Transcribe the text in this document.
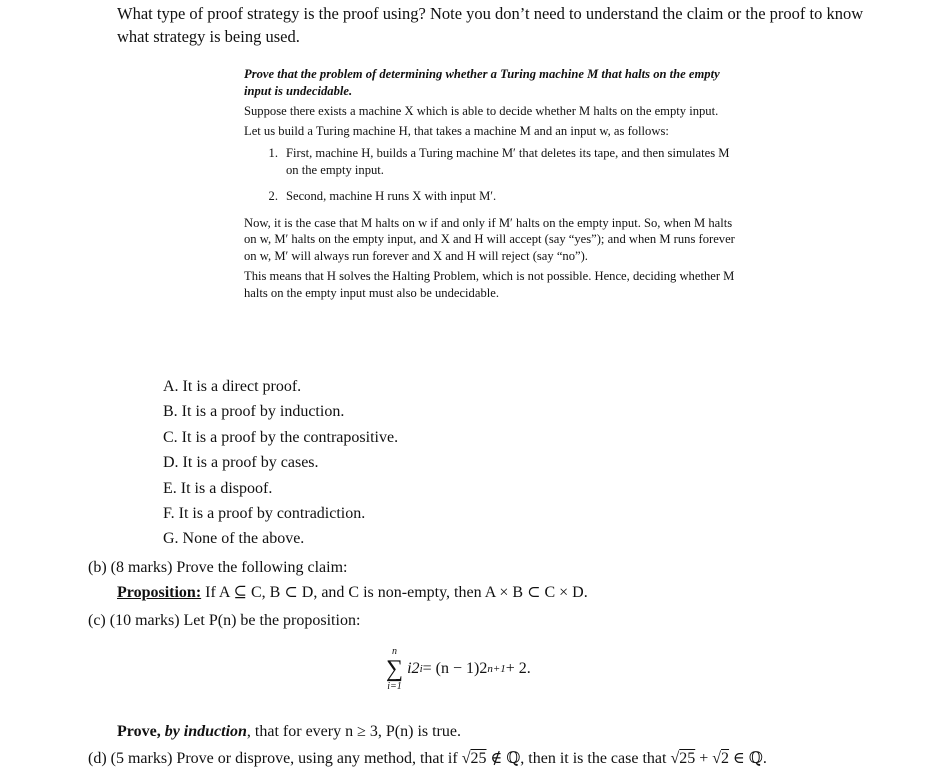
What type of proof strategy is the proof using? Note you don’t need to understand the claim or the proof to know what strategy is being used.

Prove that the problem of determining whether a Turing machine M that halts on the empty input is undecidable.

Suppose there exists a machine X which is able to decide whether M halts on the empty input.

Let us build a Turing machine H, that takes a machine M and an input w, as follows:

1. First, machine H, builds a Turing machine M′ that deletes its tape, and then simulates M on the empty input.
2. Second, machine H runs X with input M′.

Now, it is the case that M halts on w if and only if M′ halts on the empty input. So, when M halts on w, M′ halts on the empty input, and X and H will accept (say “yes”); and when M runs forever on w, M′ will always run forever and X and H will reject (say “no”).

This means that H solves the Halting Problem, which is not possible. Hence, deciding whether M halts on the empty input must also be undecidable.

A. It is a direct proof.
B. It is a proof by induction.
C. It is a proof by the contrapositive.
D. It is a proof by cases.
E. It is a dispoof.
F. It is a proof by contradiction.
G. None of the above.
(b) (8 marks) Prove the following claim:
Proposition: If A ⊆ C, B ⊂ D, and C is non-empty, then A × B ⊂ C × D.
(c) (10 marks) Let P(n) be the proposition:
n
∑
i=1
i2 i = (n − 1)2 n+1 + 2.
Prove, by induction, that for every n ≥ 3, P(n) is true.
(d) (5 marks) Prove or disprove, using any method, that if √25 ∉ ℚ, then it is the case that √25 + √2 ∈ ℚ.
